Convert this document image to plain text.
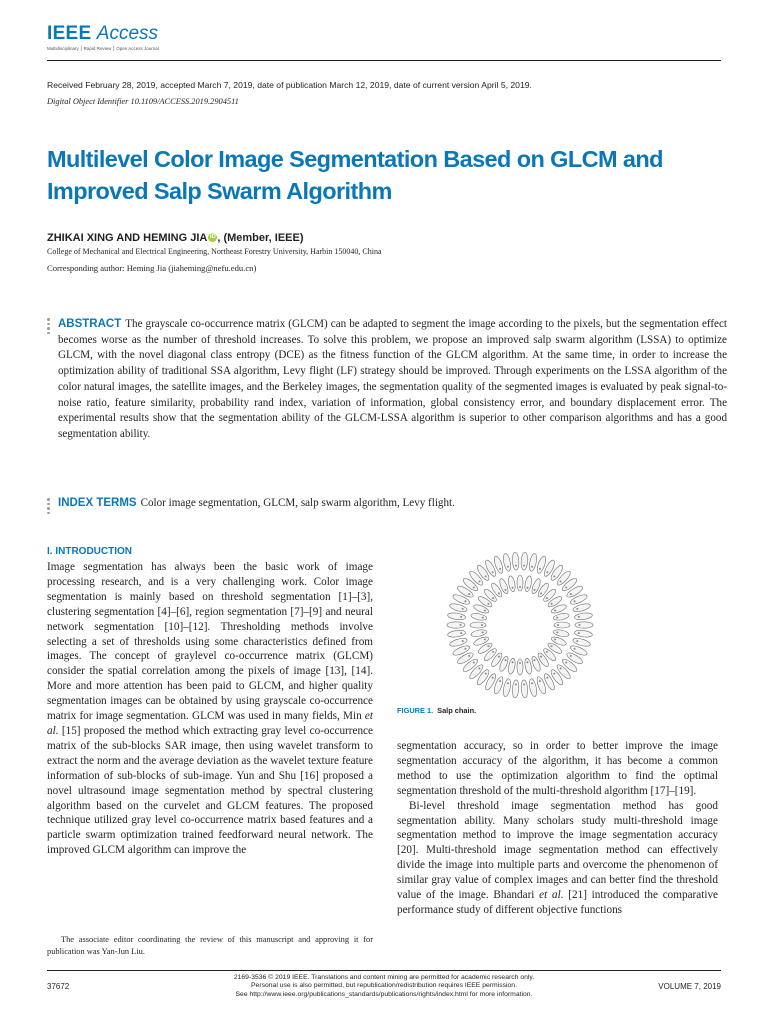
IEEE Access
Multidisciplinary ⎮ Rapid Review ⎮ Open Access Journal
Received February 28, 2019, accepted March 7, 2019, date of publication March 12, 2019, date of current version April 5, 2019.
Digital Object Identifier 10.1109/ACCESS.2019.2904511
Multilevel Color Image Segmentation Based on GLCM and Improved Salp Swarm Algorithm
ZHIKAI XING AND HEMING JIA iD , (Member, IEEE)
College of Mechanical and Electrical Engineering, Northeast Forestry University, Harbin 150040, China
Corresponding author: Heming Jia (jiaheming@nefu.edu.cn)
ABSTRACT The grayscale co-occurrence matrix (GLCM) can be adapted to segment the image according to the pixels, but the segmentation effect becomes worse as the number of threshold increases. To solve this problem, we propose an improved salp swarm algorithm (LSSA) to optimize GLCM, with the novel diagonal class entropy (DCE) as the fitness function of the GLCM algorithm. At the same time, in order to increase the optimization ability of traditional SSA algorithm, Levy flight (LF) strategy should be improved. Through experiments on the LSSA algorithm of the color natural images, the satellite images, and the Berkeley images, the segmentation quality of the segmented images is evaluated by peak signal-to-noise ratio, feature similarity, probability rand index, variation of information, global consistency error, and boundary displacement error. The experimental results show that the segmentation ability of the GLCM-LSSA algorithm is superior to other comparison algorithms and has a good segmentation ability.
INDEX TERMS Color image segmentation, GLCM, salp swarm algorithm, Levy flight.
I. INTRODUCTION
Image segmentation has always been the basic work of image processing research, and is a very challenging work. Color image segmentation is mainly based on threshold segmentation [1]–[3], clustering segmentation [4]–[6], region segmentation [7]–[9] and neural network segmentation [10]–[12]. Thresholding methods involve selecting a set of thresholds using some characteristics defined from images. The concept of graylevel co-occurrence matrix (GLCM) consider the spatial correlation among the pixels of image [13], [14]. More and more attention has been paid to GLCM, and higher quality segmentation images can be obtained by using grayscale co-occurrence matrix for image segmentation. GLCM was used in many fields, Min et al. [15] proposed the method which extracting gray level co-occurrence matrix of the sub-blocks SAR image, then using wavelet transform to extract the norm and the average deviation as the wavelet texture feature information of sub-blocks of sub-image. Yun and Shu [16] proposed a novel ultrasound image segmentation method by spectral clustering algorithm based on the curvelet and GLCM features. The proposed technique utilized gray level co-occurrence matrix based features and a particle swarm optimization trained feedforward neural network. The improved GLCM algorithm can improve the
FIGURE 1. Salp chain.

segmentation accuracy, so in order to better improve the image segmentation accuracy of the algorithm, it has become a common method to use the optimization algorithm to find the optimal segmentation threshold of the multi-threshold algorithm [17]–[19].

Bi-level threshold image segmentation method has good segmentation ability. Many scholars study multi-threshold image segmentation method to improve the image segmentation accuracy [20]. Multi-threshold image segmentation method can effectively divide the image into multiple parts and overcome the phenomenon of similar gray value of complex images and can better find the threshold value of the image. Bhandari et al. [21] introduced the comparative performance study of different objective functions

The associate editor coordinating the review of this manuscript and approving it for publication was Yan-Jun Liu.
37672
2169-3536 © 2019 IEEE. Translations and content mining are permitted for academic research only.
Personal use is also permitted, but republication/redistribution requires IEEE permission.
See http://www.ieee.org/publications_standards/publications/rights/index.html for more information.
VOLUME 7, 2019
